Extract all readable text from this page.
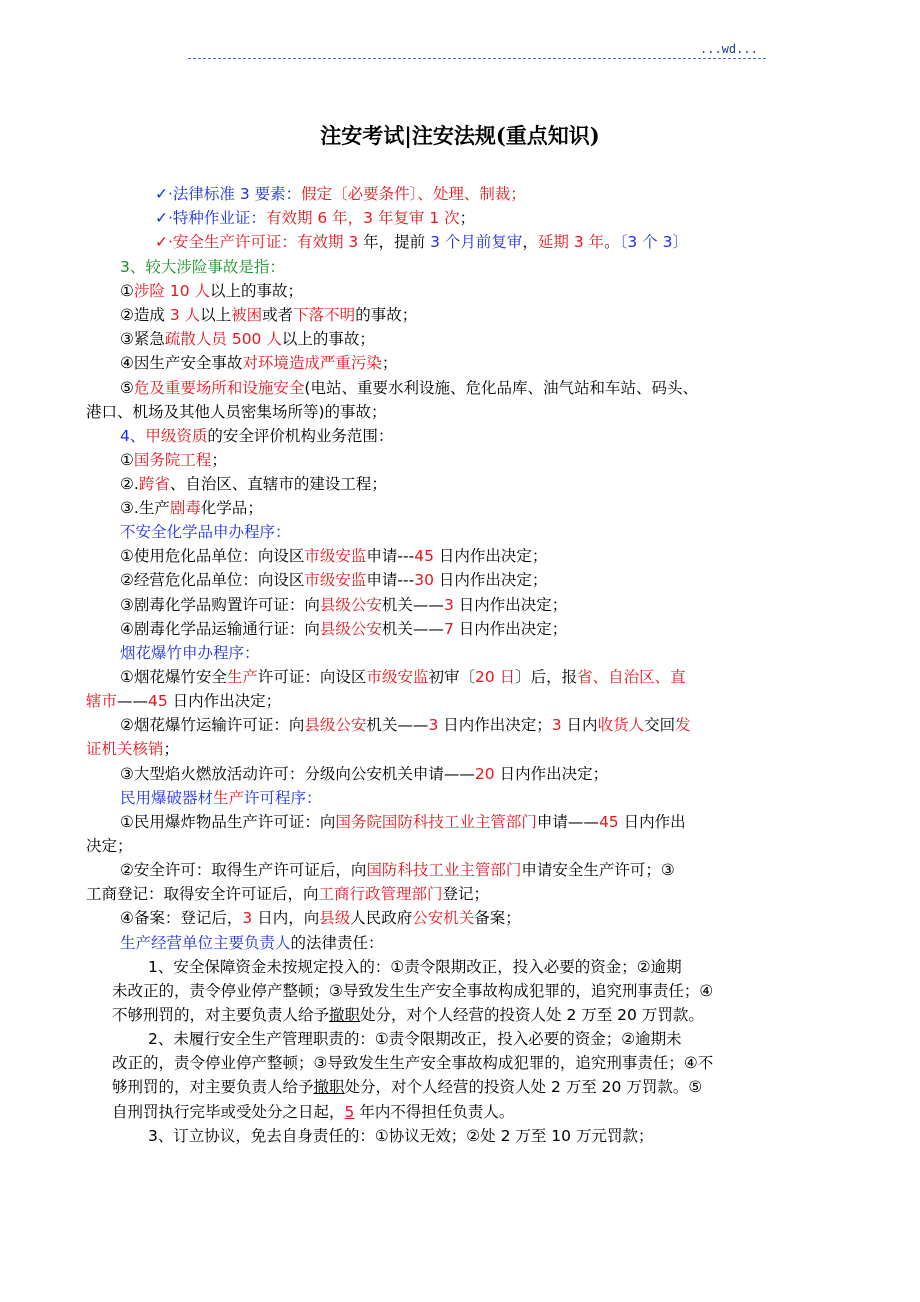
...wd...
注安考试|注安法规(重点知识)
✓·法律标准 3 要素：假定〔必要条件〕、处理、制裁；
✓·特种作业证：有效期 6 年，3 年复审 1 次；
✓·安全生产许可证：有效期 3 年，提前 3 个月前复审，延期 3 年。〔3 个 3〕
3、较大涉险事故是指：
①涉险 10 人以上的事故；
②造成 3 人以上被困或者下落不明的事故；
③紧急疏散人员 500 人以上的事故；
④因生产安全事故对环境造成严重污染；
⑤危及重要场所和设施安全(电站、重要水利设施、危化品库、油气站和车站、码头、
港口、机场及其他人员密集场所等)的事故；
4、甲级资质的安全评价机构业务范围：
①国务院工程；
②.跨省、自治区、直辖市的建设工程；
③.生产剧毒化学品；
不安全化学品申办程序：
①使用危化品单位：向设区市级安监申请---45 日内作出决定；
②经营危化品单位：向设区市级安监申请---30 日内作出决定；
③剧毒化学品购置许可证：向县级公安机关——3 日内作出决定；
④剧毒化学品运输通行证：向县级公安机关——7 日内作出决定；
烟花爆竹申办程序：
①烟花爆竹安全生产许可证：向设区市级安监初审〔20 日〕后，报省、自治区、直
辖市——45 日内作出决定；
②烟花爆竹运输许可证：向县级公安机关——3 日内作出决定；3 日内收货人交回发
证机关核销；
③大型焰火燃放活动许可：分级向公安机关申请——20 日内作出决定；
民用爆破器材生产许可程序：
①民用爆炸物品生产许可证：向国务院国防科技工业主管部门申请——45 日内作出
决定；
②安全许可：取得生产许可证后，向国防科技工业主管部门申请安全生产许可；③
工商登记：取得安全许可证后，向工商行政管理部门登记；
④备案：登记后，3 日内，向县级人民政府公安机关备案；
生产经营单位主要负责人的法律责任：
1、安全保障资金未按规定投入的：①责令限期改正，投入必要的资金；②逾期
未改正的，责令停业停产整顿；③导致发生生产安全事故构成犯罪的，追究刑事责任；④
不够刑罚的，对主要负责人给予撤职处分，对个人经营的投资人处 2 万至 20 万罚款。
2、未履行安全生产管理职责的：①责令限期改正，投入必要的资金；②逾期未
改正的，责令停业停产整顿；③导致发生生产安全事故构成犯罪的，追究刑事责任；④不
够刑罚的，对主要负责人给予撤职处分，对个人经营的投资人处 2 万至 20 万罚款。⑤
自刑罚执行完毕或受处分之日起，5 年内不得担任负责人。
3、订立协议，免去自身责任的：①协议无效；②处 2 万至 10 万元罚款；
